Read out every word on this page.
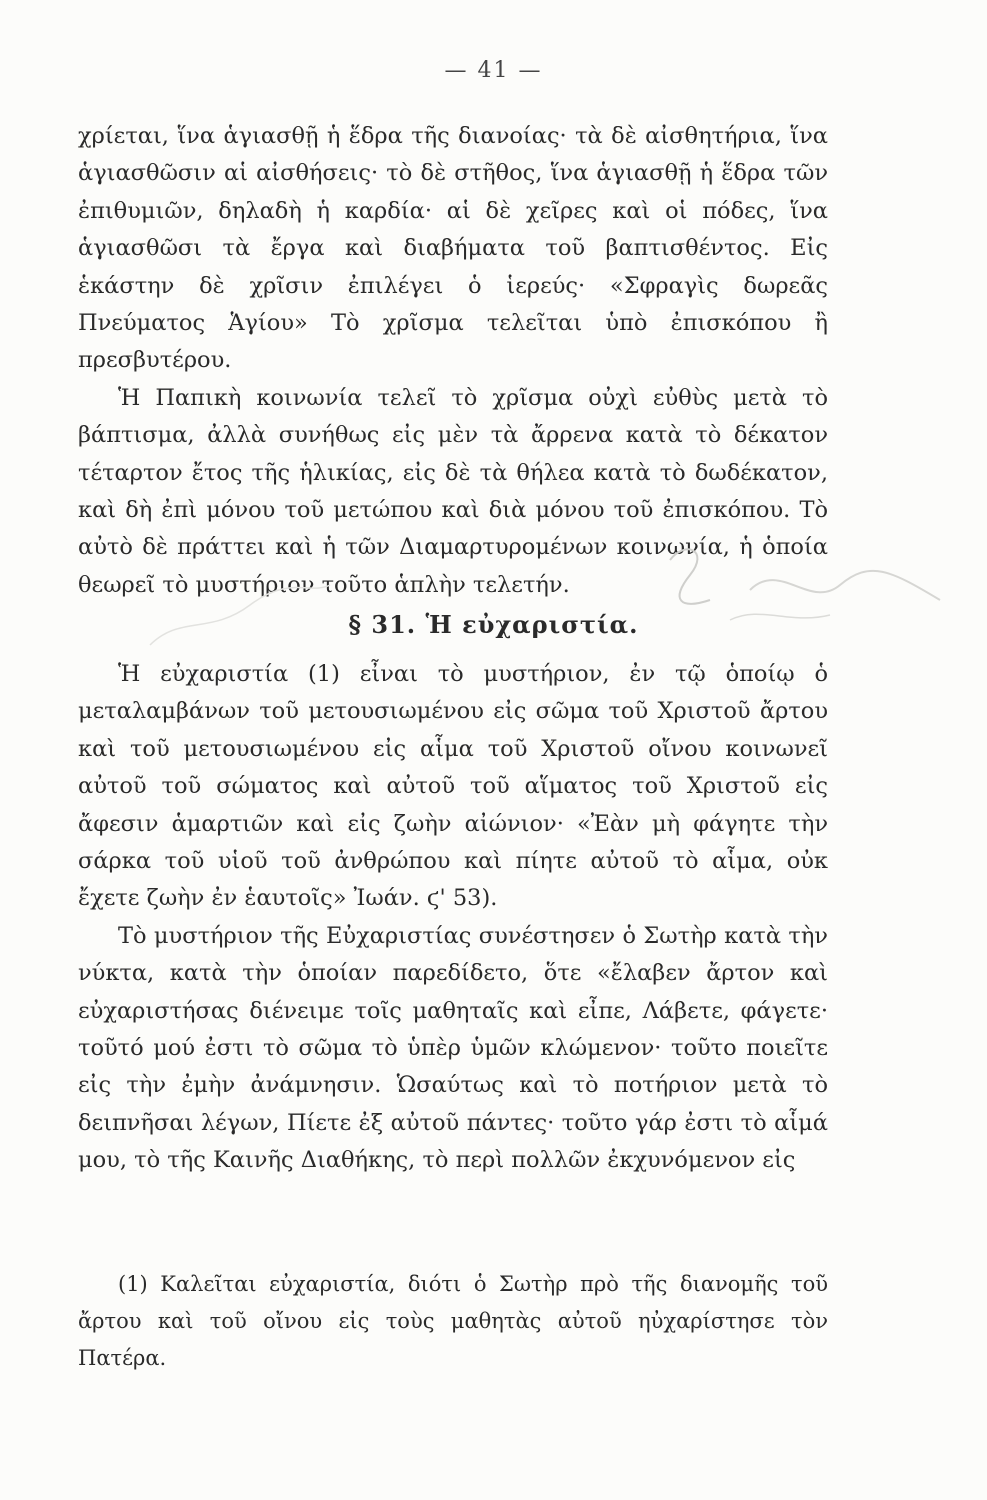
— 41 —

χρίεται, ἵνα ἁγιασθῇ ἡ ἕδρα τῆς διανοίας· τὰ δὲ αἰσθητήρια, ἵνα ἁγιασθῶσιν αἱ αἰσθήσεις· τὸ δὲ στῆθος, ἵνα ἁγιασθῇ ἡ ἕδρα τῶν ἐπιθυμιῶν, δηλαδὴ ἡ καρδία· αἱ δὲ χεῖρες καὶ οἱ πόδες, ἵνα ἁγιασθῶσι τὰ ἔργα καὶ διαβήματα τοῦ βαπτισθέντος. Εἰς ἑκάστην δὲ χρῖσιν ἐπιλέγει ὁ ἱερεύς· «Σφραγὶς δωρεᾶς Πνεύματος Ἁγίου» Τὸ χρῖσμα τελεῖται ὑπὸ ἐπισκόπου ἢ πρεσβυτέρου.

Ἡ Παπικὴ κοινωνία τελεῖ τὸ χρῖσμα οὐχὶ εὐθὺς μετὰ τὸ βάπτισμα, ἀλλὰ συνήθως εἰς μὲν τὰ ἄρρενα κατὰ τὸ δέκατον τέταρτον ἔτος τῆς ἡλικίας, εἰς δὲ τὰ θήλεα κατὰ τὸ δωδέκατον, καὶ δὴ ἐπὶ μόνου τοῦ μετώπου καὶ διὰ μόνου τοῦ ἐπισκόπου. Τὸ αὐτὸ δὲ πράττει καὶ ἡ τῶν Διαμαρτυρομένων κοινωνία, ἡ ὁποία θεωρεῖ τὸ μυστήριον τοῦτο ἁπλὴν τελετήν.

§ 31. Ἡ εὐχαριστία.

Ἡ εὐχαριστία (1) εἶναι τὸ μυστήριον, ἐν τῷ ὁποίῳ ὁ μεταλαμβάνων τοῦ μετουσιωμένου εἰς σῶμα τοῦ Χριστοῦ ἄρτου καὶ τοῦ μετουσιωμένου εἰς αἷμα τοῦ Χριστοῦ οἴνου κοινωνεῖ αὐτοῦ τοῦ σώματος καὶ αὐτοῦ τοῦ αἵματος τοῦ Χριστοῦ εἰς ἄφεσιν ἁμαρτιῶν καὶ εἰς ζωὴν αἰώνιον· «Ἐὰν μὴ φάγητε τὴν σάρκα τοῦ υἱοῦ τοῦ ἀνθρώπου καὶ πίητε αὐτοῦ τὸ αἷμα, οὐκ ἔχετε ζωὴν ἐν ἑαυτοῖς» Ἰωάν. ϛ' 53).

Τὸ μυστήριον τῆς Εὐχαριστίας συνέστησεν ὁ Σωτὴρ κατὰ τὴν νύκτα, κατὰ τὴν ὁποίαν παρεδίδετο, ὅτε «ἔλαβεν ἄρτον καὶ εὐχαριστήσας διένειμε τοῖς μαθηταῖς καὶ εἶπε, Λάβετε, φάγετε· τοῦτό μού ἐστι τὸ σῶμα τὸ ὑπὲρ ὑμῶν κλώμενον· τοῦτο ποιεῖτε εἰς τὴν ἐμὴν ἀνάμνησιν. Ὡσαύτως καὶ τὸ ποτήριον μετὰ τὸ δειπνῆσαι λέγων, Πίετε ἐξ αὐτοῦ πάντες· τοῦτο γάρ ἐστι τὸ αἷμά μου, τὸ τῆς Καινῆς Διαθήκης, τὸ περὶ πολλῶν ἐκχυνόμενον εἰς

(1) Καλεῖται εὐχαριστία, διότι ὁ Σωτὴρ πρὸ τῆς διανομῆς τοῦ ἄρτου καὶ τοῦ οἴνου εἰς τοὺς μαθητὰς αὐτοῦ ηὐχαρίστησε τὸν Πατέρα.
